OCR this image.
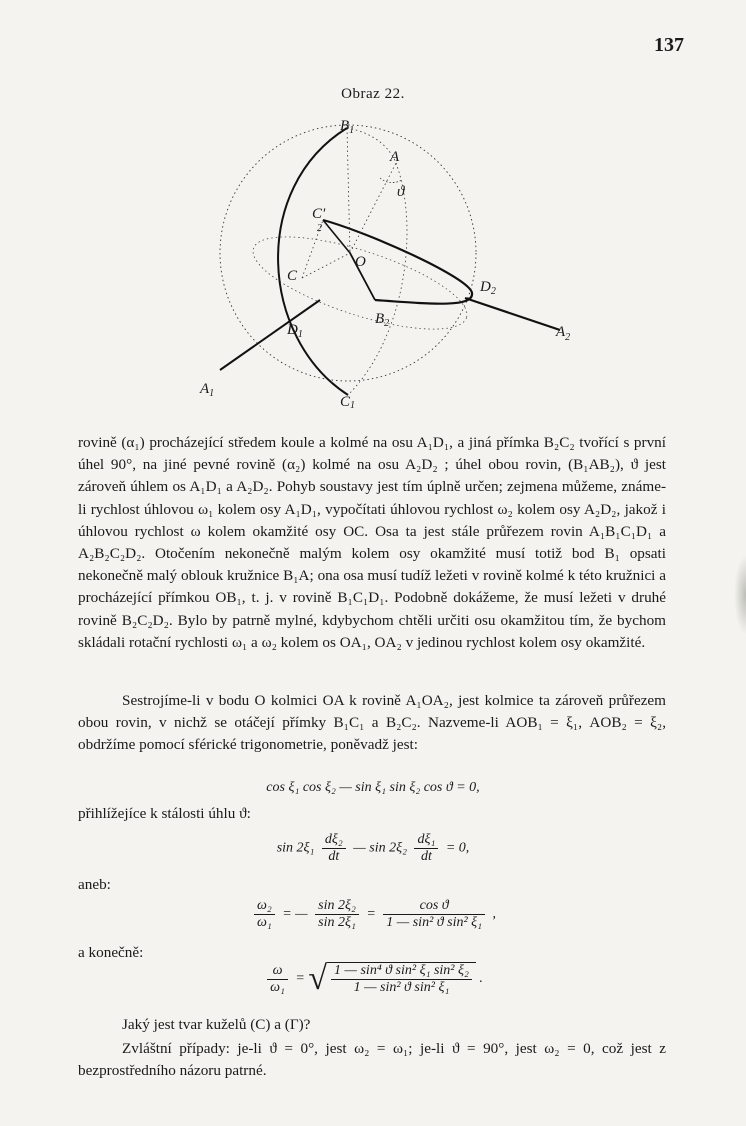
137
Obraz 22.
$B_1$
A
ϑ
C'
2
O
C
$D_2$
$D_1$
$B_2$
$A_2$
$A_1$
C1

rovině (α₁) procházející středem koule a kolmé na osu A₁D₁, a jiná přímka B₂C₂ tvořící s první úhel 90°, na jiné pevné rovině (α₂) kolmé na osu A₂D₂ ; úhel obou rovin, (B₁AB₂), ϑ jest zároveň úhlem os A₁D₁ a A₂D₂. Pohyb soustavy jest tím úplně určen; zejmena můžeme, známe-li rychlost úhlovou ω₁ kolem osy A₁D₁, vypočítati úhlovou rychlost ω₂ kolem osy A₂D₂, jakož i úhlovou rychlost ω kolem okamžité osy OC. Osa ta jest stále průřezem rovin A₁B₁C₁D₁ a A₂B₂C₂D₂. Otočením nekonečně malým kolem osy okamžité musí totiž bod B₁ opsati nekonečně malý oblouk kružnice B₁A; ona osa musí tudíž ležeti v rovině kolmé k této kružnici a procházející přímkou OB₁, t. j. v rovině B₁C₁D₁. Podobně dokážeme, že musí ležeti v druhé rovině B₂C₂D₂. Bylo by patrně mylné, kdybychom chtěli určiti osu okamžitou tím, že bychom skládali rotační rychlosti ω₁ a ω₂ kolem os OA₁, OA₂ v jedinou rychlost kolem osy okamžité.

Sestrojíme-li v bodu O kolmici OA k rovině A₁OA₂, jest kolmice ta zároveň průřezem obou rovin, v nichž se otáčejí přímky B₁C₁ a B₂C₂. Nazveme-li AOB₁ = ξ₁, AOB₂ = ξ₂, obdržíme pomocí sférické trigonometrie, poněvadž jest:

cos ξ₁ cos ξ₂ — sin ξ₁ sin ξ₂ cos ϑ = 0,
přihlížejíce k stálosti úhlu ϑ:
$\sin 2\xi_1 \frac{\text{dξ₂}}{dt}$ — $\sin 2\xi_2 \frac{\text{dξ₁}}{dt} = 0$,
aneb:
$\frac{\text{ω₂}}{\text{ω₁}}$ = — $\frac{\text{sin 2ξ₂}}{\text{sin 2ξ₁}} = \frac{\text{cos ϑ}}{\text{1 — sin² ϑ sin² ξ₁}}$ ,
a konečně:
$\frac{\omega}{\text{ω₁}}$ = √ $\frac{\text{1 — sin⁴ ϑ sin² ξ₁ sin² ξ₂}}{\text{1 — sin² ϑ sin² ξ₁}}$ .
Jaký jest tvar kuželů (C) a (Γ)?

Zvláštní případy: je-li ϑ = 0°, jest ω₂ = ω₁; je-li ϑ = 90°, jest ω₂ = 0, což jest z bezprostředního názoru patrné.
